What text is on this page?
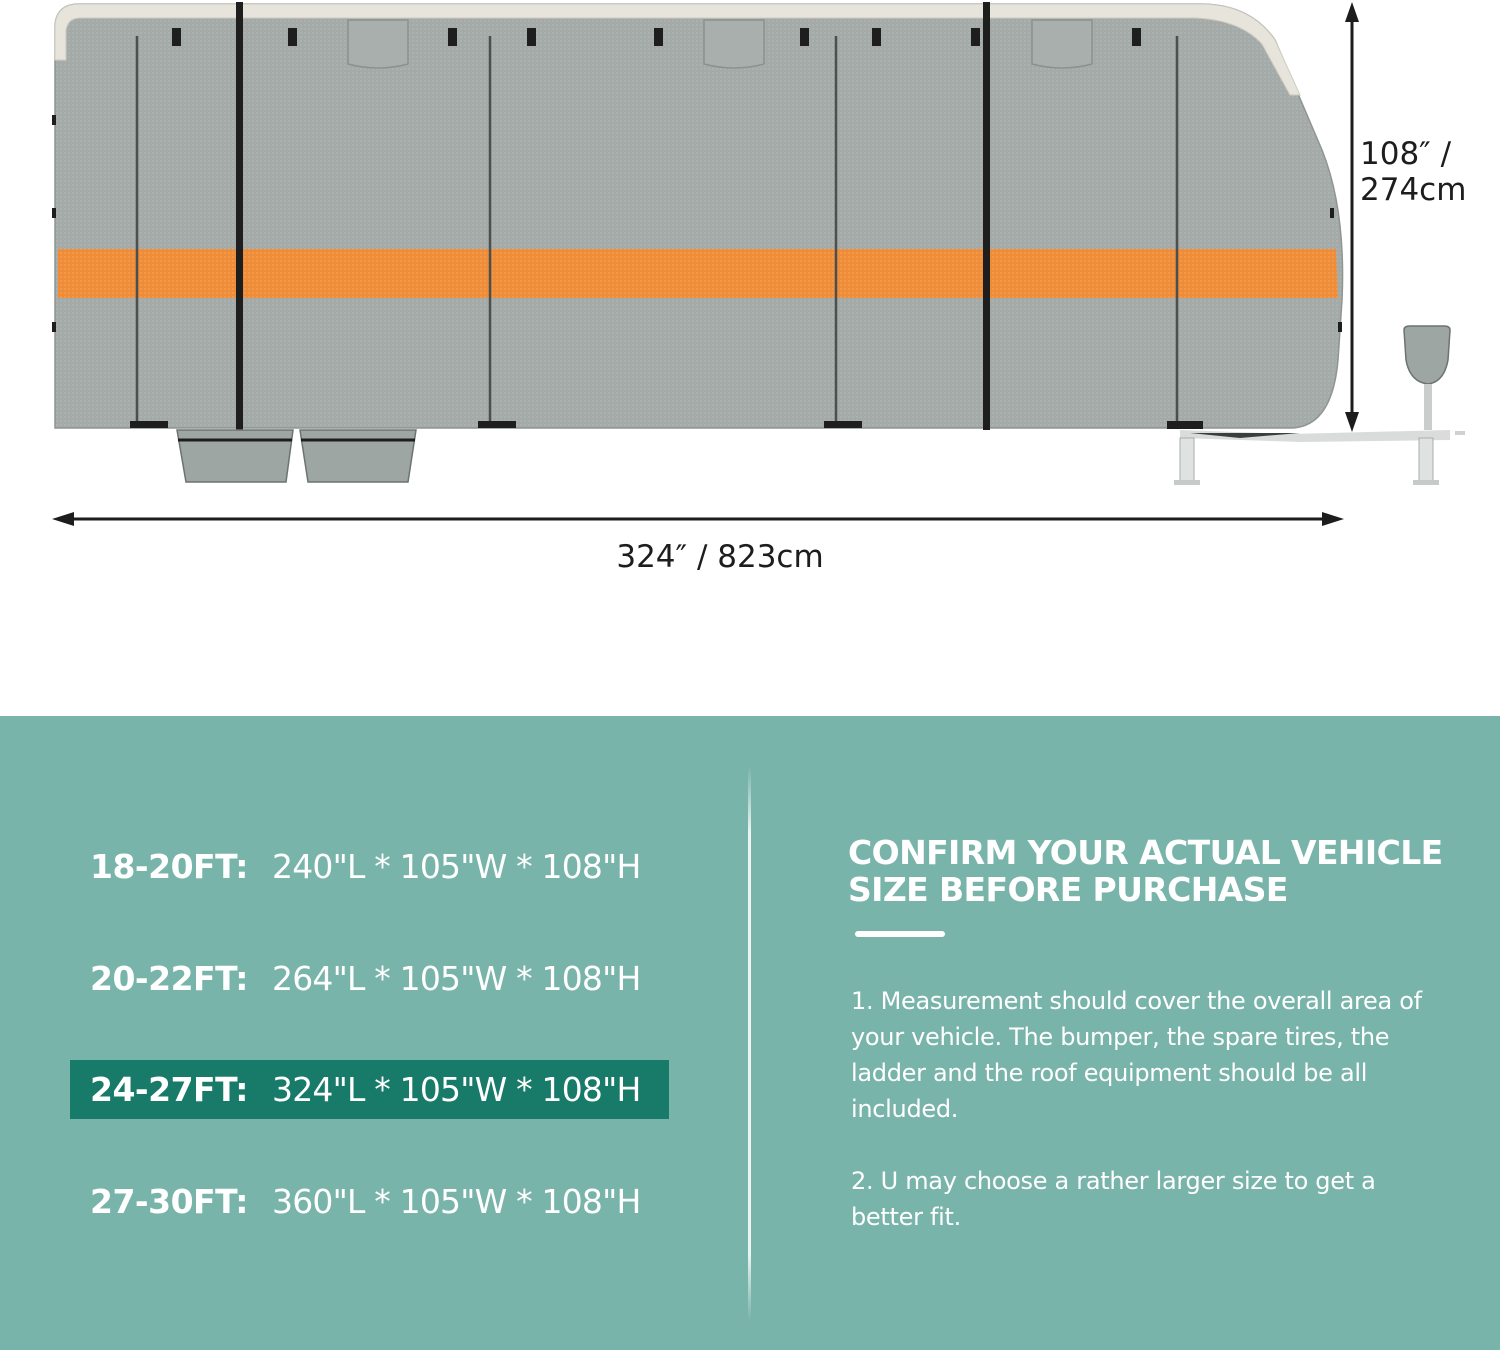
108″ /
274cm
324″ / 823cm
18-20FT: 240"L * 105"W * 108"H
20-22FT: 264"L * 105"W * 108"H
24-27FT: 324"L * 105"W * 108"H
27-30FT: 360"L * 105"W * 108"H
CONFIRM YOUR ACTUAL VEHICLE SIZE BEFORE PURCHASE
1. Measurement should cover the overall area of your vehicle. The bumper, the spare tires, the ladder and the roof equipment should be all included.
2. U may choose a rather larger size to get a better fit.
